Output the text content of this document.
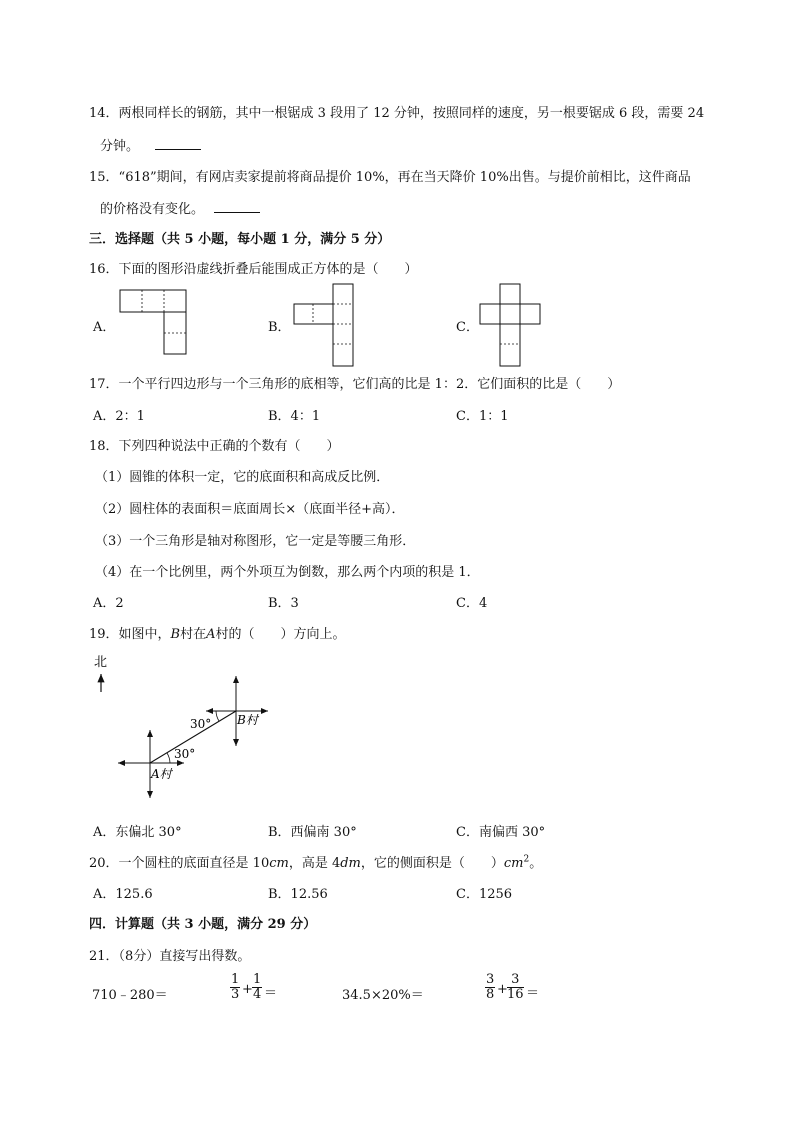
14．两根同样长的钢筋，其中一根锯成 3 段用了 12 分钟，按照同样的速度，另一根要锯成 6 段，需要 24
分钟。
15．“618”期间，有网店卖家提前将商品提价 10%，再在当天降价 10%出售。与提价前相比，这件商品
的价格没有变化。
三．选择题（共 5 小题，每小题 1 分，满分 5 分）
16．下面的图形沿虚线折叠后能围成正方体的是（　　）
A．	B．	C．
17．一个平行四边形与一个三角形的底相等，它们高的比是 1：2．它们面积的比是（　　）
A．2：1	B．4：1	C．1：1
18．下列四种说法中正确的个数有（　　）
（1）圆锥的体积一定，它的底面积和高成反比例．
（2）圆柱体的表面积＝底面周长×（底面半径+高）．
（3）一个三角形是轴对称图形，它一定是等腰三角形．
（4）在一个比例里，两个外项互为倒数，那么两个内项的积是 1．
A．2	B．3	C．4
19．如图中，B村在A村的（　　）方向上。
北
30°
30° B村
A村
A．东偏北 30°	B．西偏南 30°	C．南偏西 30°
20．一个圆柱的底面直径是 10cm，高是 4dm，它的侧面积是（　　）$cm^2$。
A．125.6	B．12.56	C．1256
四．计算题（共 3 小题，满分 29 分）
21．（8分）直接写出得数。
710﹣280＝	$\frac{1}{3} + \frac{1}{4}$ ＝	34.5×20%＝	$\frac{3}{8} + \frac{3}{16}$ ＝
